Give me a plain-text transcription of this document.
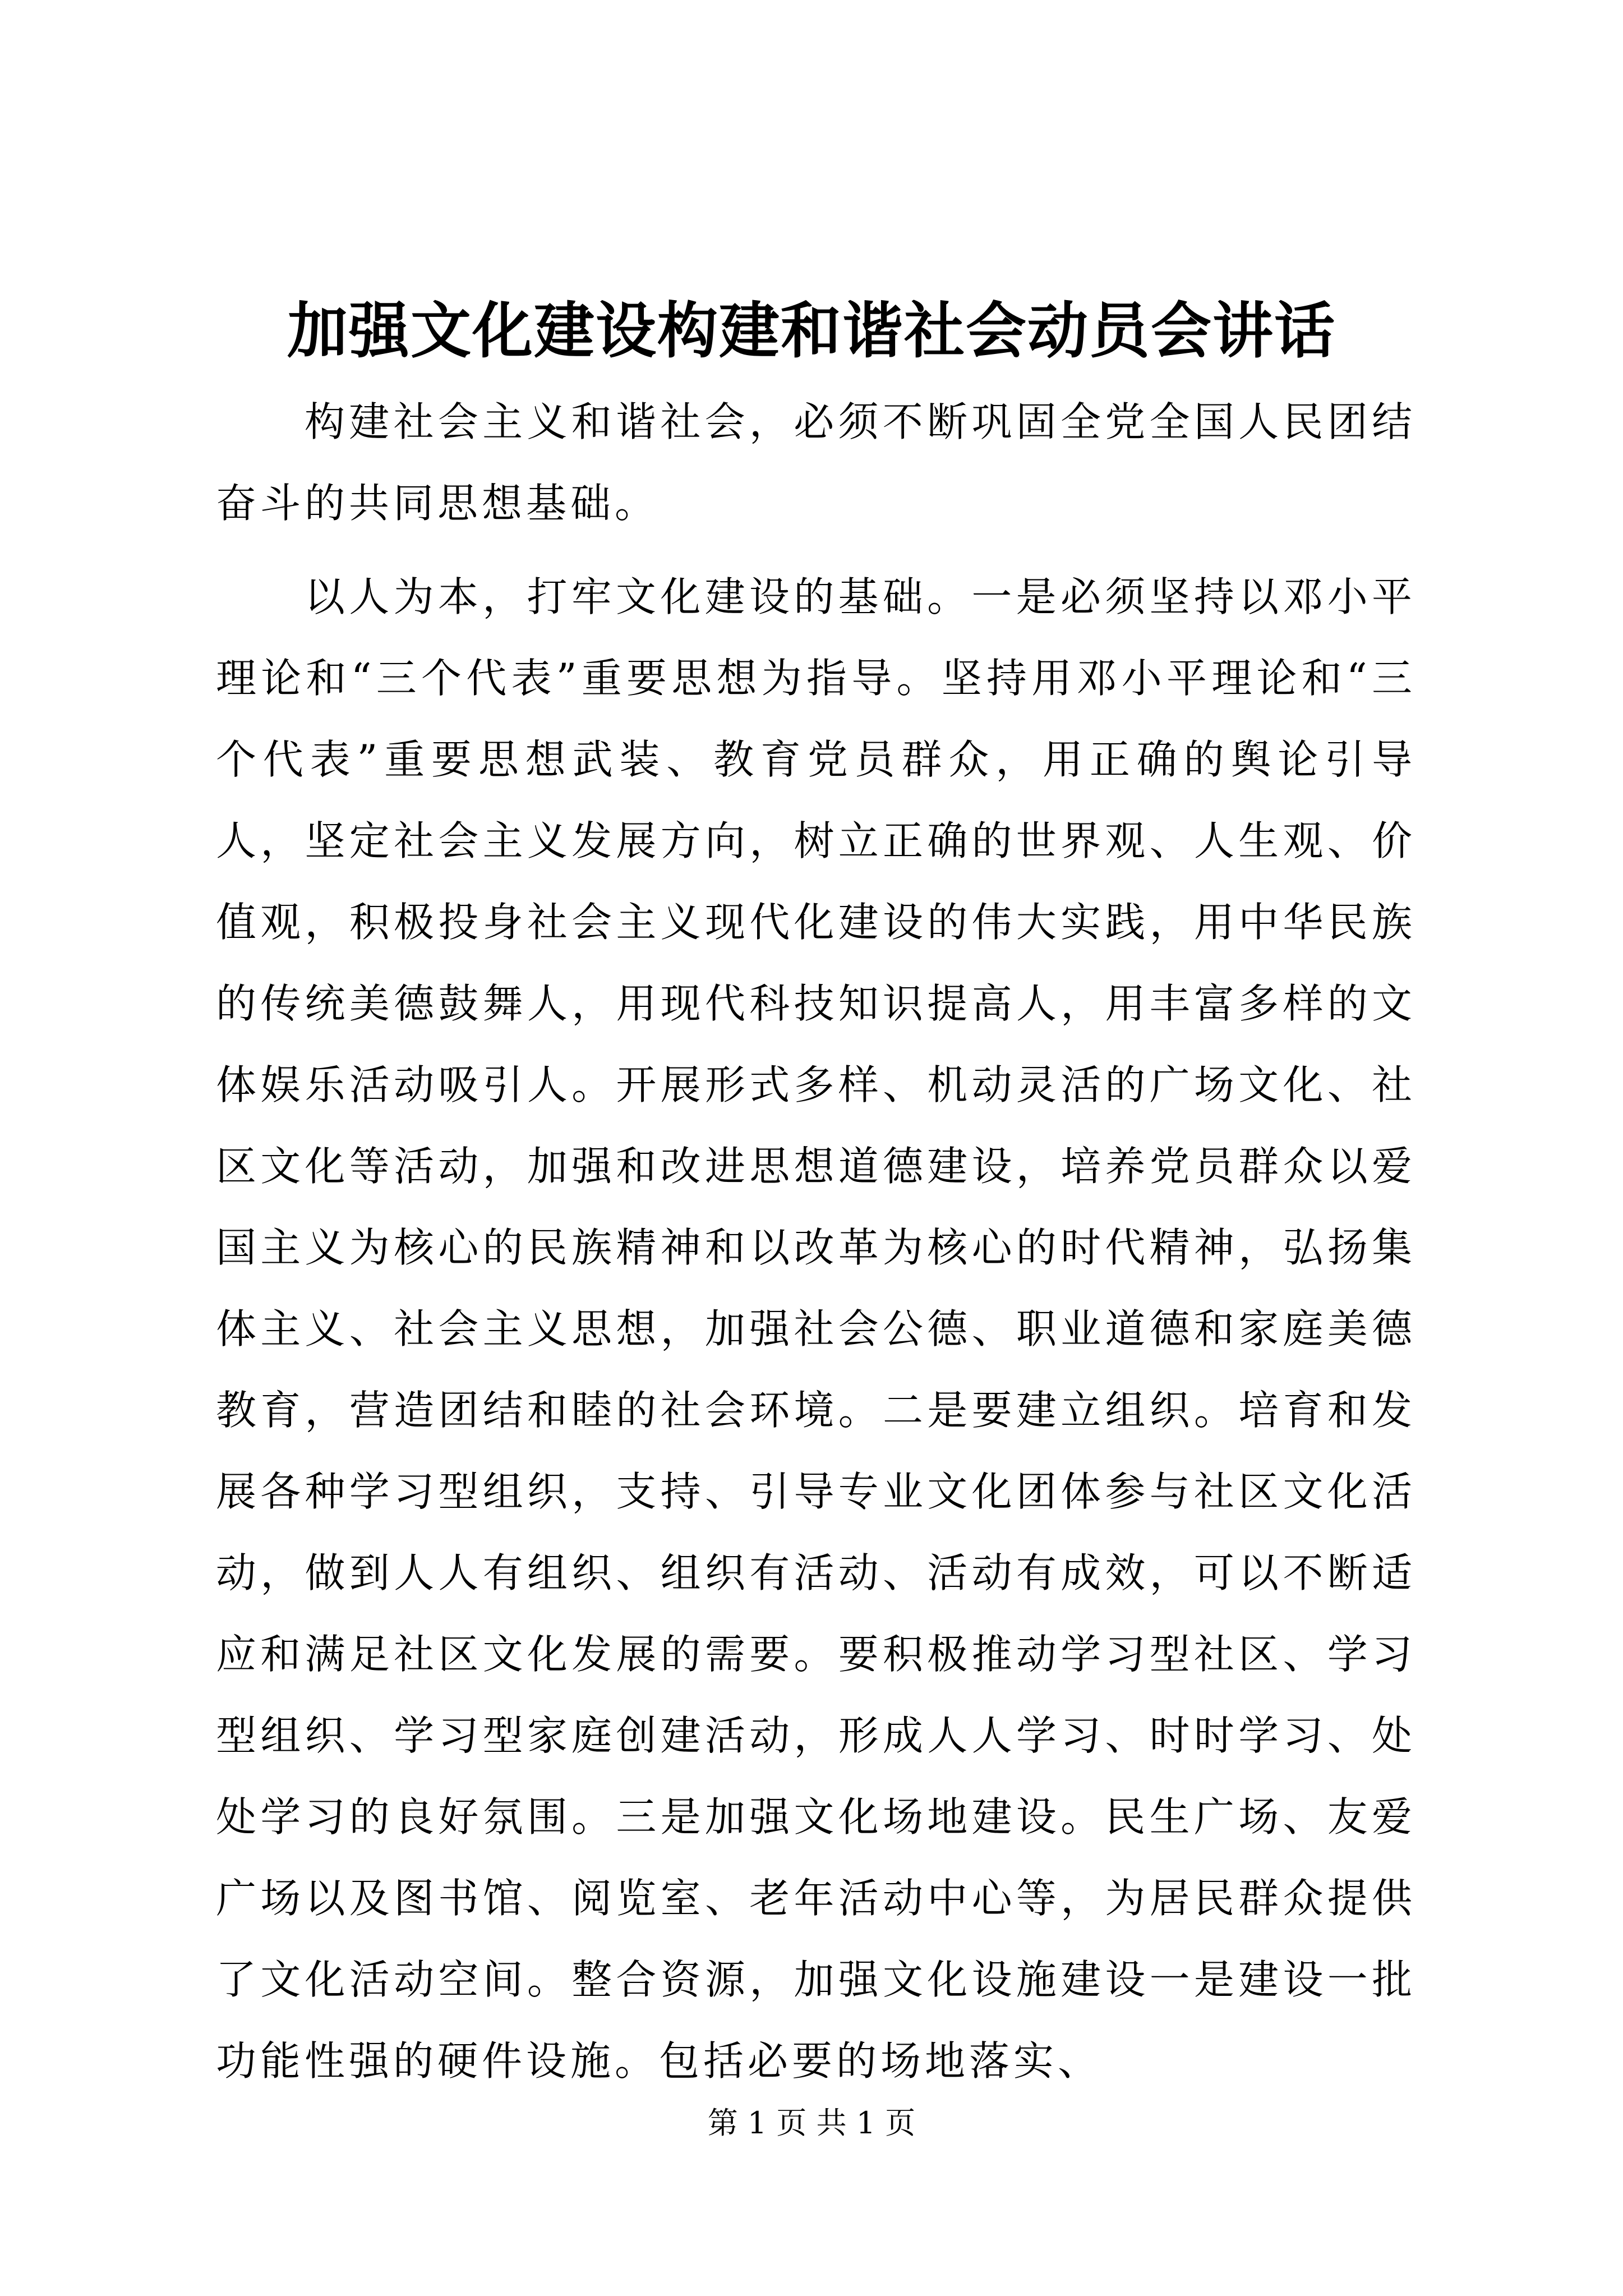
加强文化建设构建和谐社会动员会讲话

构建社会主义和谐社会，必须不断巩固全党全国人民团结奋斗的共同思想基础。

以人为本，打牢文化建设的基础。一是必须坚持以邓小平理论和“三个代表”重要思想为指导。坚持用邓小平理论和“三个代表”重要思想武装、教育党员群众，用正确的舆论引导人，坚定社会主义发展方向，树立正确的世界观、人生观、价值观，积极投身社会主义现代化建设的伟大实践，用中华民族的传统美德鼓舞人，用现代科技知识提高人，用丰富多样的文体娱乐活动吸引人。开展形式多样、机动灵活的广场文化、社区文化等活动，加强和改进思想道德建设，培养党员群众以爱国主义为核心的民族精神和以改革为核心的时代精神，弘扬集体主义、社会主义思想，加强社会公德、职业道德和家庭美德教育，营造团结和睦的社会环境。二是要建立组织。培育和发展各种学习型组织，支持、引导专业文化团体参与社区文化活动，做到人人有组织、组织有活动、活动有成效，可以不断适应和满足社区文化发展的需要。要积极推动学习型社区、学习型组织、学习型家庭创建活动，形成人人学习、时时学习、处处学习的良好氛围。三是加强文化场地建设。民生广场、友爱广场以及图书馆、阅览室、老年活动中心等，为居民群众提供了文化活动空间。整合资源，加强文化设施建设一是建设一批功能性强的硬件设施。包括必要的场地落实、

第 1 页 共 1 页
